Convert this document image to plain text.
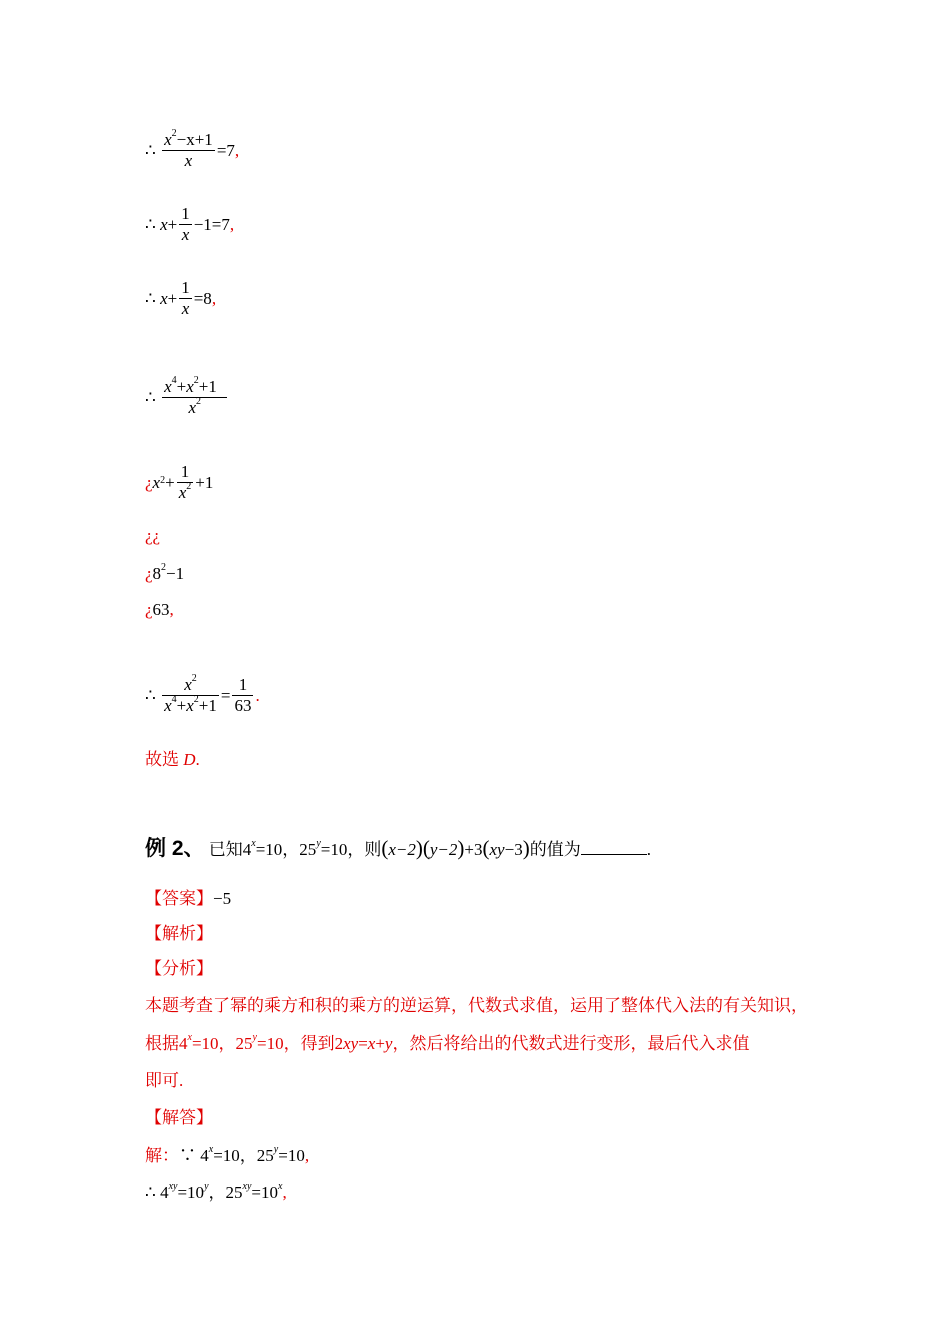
∴
$\frac{x^2-x+1}{x} =7$ ,
∴
$x + \frac{1}{x} -1=7$ ,
∴
$x + \frac{1}{x} =8$ ,
∴
$\frac{x^4+x^2+1}{x^2}$
¿ $x^2 + \frac{1}{x^2} +1$
¿¿
¿$8^2-1$
¿63,
∴
$\frac{x^2}{x^4+x^2+1} = \frac{1}{63}$ .
故选 D.
例 2、 已知$4^x=10$，$25^y=10$，则(x−2)(y−2)+3(xy−3)的值为	.
【答案】−5
【解析】
【分析】
本题考查了幂的乘方和积的乘方的逆运算，代数式求值，运用了整体代入法的有关知识，
根据$4^x=10$，$25^y=10$，得到2xy=x+y，然后将给出的代数式进行变形，最后代入求值
即可.
【解答】
解：∵ $4^x=10$，$25^y=10$,
∴ $4^{xy}=10^y$，$25^{xy}=10^x$,
